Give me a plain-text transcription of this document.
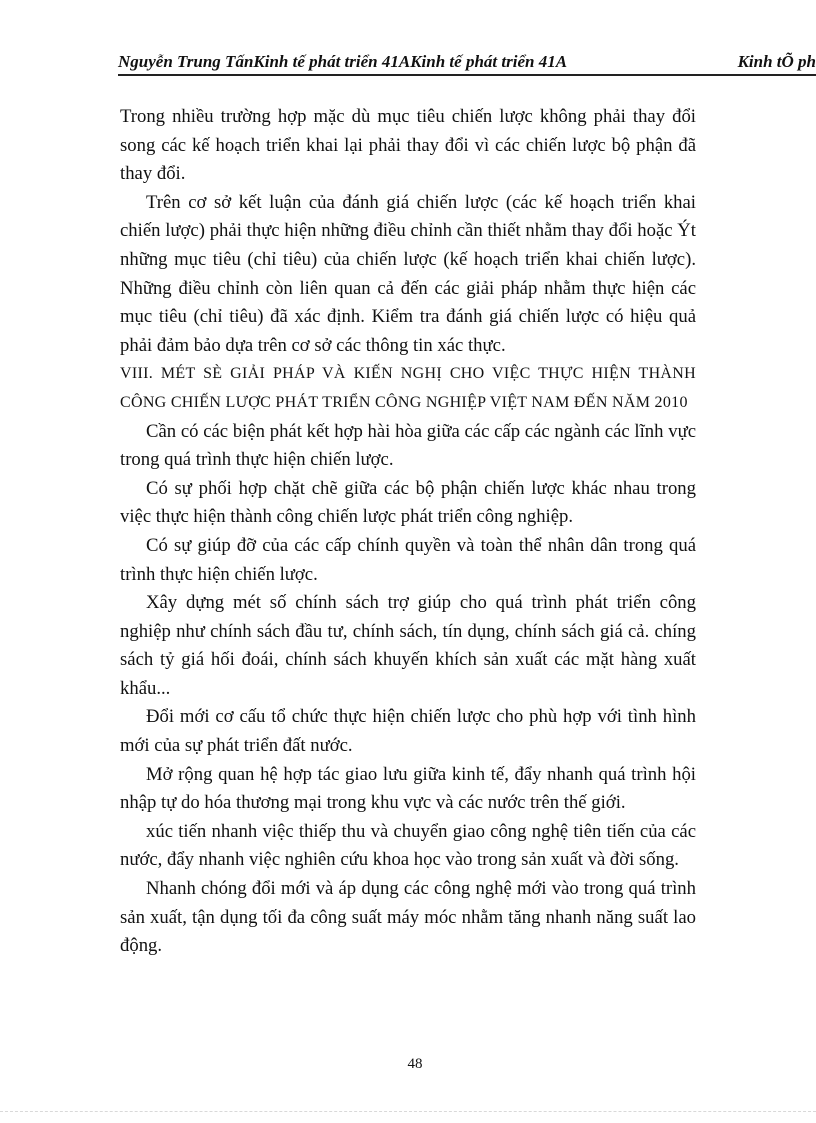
Nguyễn Trung TấnKinh tế phát triển 41AKinh tế phát triển 41A	Kinh tÕ ph

Trong nhiều trường hợp mặc dù mục tiêu chiến lược không phải thay đổi song các kế hoạch triển khai lại phải thay đổi vì các chiến lược bộ phận đã thay đổi.

Trên cơ sở kết luận của đánh giá chiến lược (các kế hoạch triển khai chiến lược) phải thực hiện những điều chỉnh cần thiết nhằm thay đổi hoặc Ýt những mục tiêu (chỉ tiêu) của chiến lược (kế hoạch triển khai chiến lược). Những điều chỉnh còn liên quan cả đến các giải pháp nhằm thực hiện các mục tiêu (chỉ tiêu) đã xác định. Kiểm tra đánh giá chiến lược có hiệu quả phải đảm bảo dựa trên cơ sở các thông tin xác thực.

VIII. MÉT SÈ GIẢI PHÁP VÀ KIẾN NGHỊ CHO VIỆC THỰC HIỆN THÀNH CÔNG CHIẾN LƯỢC PHÁT TRIỂN CÔNG NGHIỆP VIỆT NAM ĐẾN NĂM 2010

Cần có các biện phát kết hợp hài hòa giữa các cấp các ngành các lĩnh vực trong quá trình thực hiện chiến lược.

Có sự phối hợp chặt chẽ giữa các bộ phận chiến lược khác nhau trong việc thực hiện thành công chiến lược phát triển công nghiệp.

Có sự giúp đỡ của các cấp chính quyền và toàn thể nhân dân trong quá trình thực hiện chiến lược.

Xây dựng mét số chính sách trợ giúp cho quá trình phát triển công nghiệp như chính sách đầu tư, chính sách, tín dụng, chính sách giá cả. chíng sách tỷ giá hối đoái, chính sách khuyến khích sản xuất các mặt hàng xuất khẩu...

Đổi mới cơ cấu tổ chức thực hiện chiến lược cho phù hợp với tình hình mới của sự phát triển đất nước.

Mở rộng quan hệ hợp tác giao lưu giữa kinh tế, đẩy nhanh quá trình hội nhập tự do hóa thương mại trong khu vực và các nước trên thế giới.

xúc tiến nhanh việc thiếp thu và chuyển giao công nghệ tiên tiến của các nước, đẩy nhanh việc nghiên cứu khoa học vào trong sản xuất và đời sống.

Nhanh chóng đổi mới và áp dụng các công nghệ mới vào trong quá trình sản xuất, tận dụng tối đa công suất máy móc nhằm tăng nhanh năng suất lao động.

48
